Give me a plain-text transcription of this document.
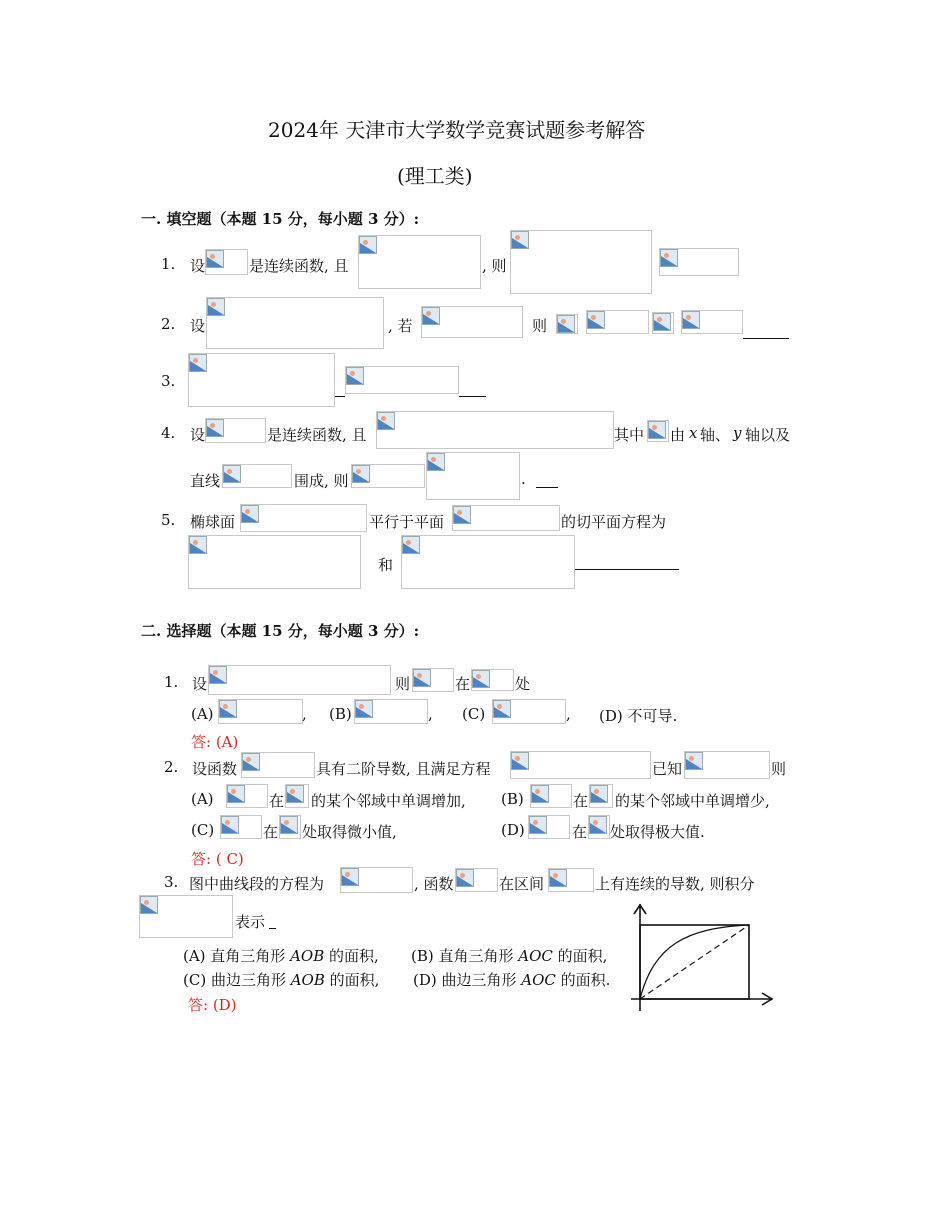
2024年 天津市大学数学竞赛试题参考解答
(理工类)
一. 填空题（本题 15 分，每小题 3 分）:
1. 设	是连续函数, 且	, 则
2. 设	, 若	则
3.
4. 设	是连续函数, 且	其中 由 x 轴、 y 轴以及
直线	围成, 则	.
5. 椭球面	平行于平面	的切平面方程为
和
二. 选择题（本题 15 分，每小题 3 分）:
1. 设	则	在	处
(A)	, (B)	, (C)	, (D) 不可导.
答: (A)
2. 设函数	具有二阶导数, 且满足方程	已知	则
(A)	在 的某个邻域中单调增加, (B)	在 的某个邻域中单调增少,
(C)	在 处取得微小值,	(D)	在 处取得极大值.
答: ( C)
3. 图中曲线段的方程为	, 函数	在区间	上有连续的导数, 则积分
表示
(A) 直角三角形 AOB 的面积, (B) 直角三角形 AOC 的面积,
(C) 曲边三角形 AOB 的面积, (D) 曲边三角形 AOC 的面积.
答: (D)
